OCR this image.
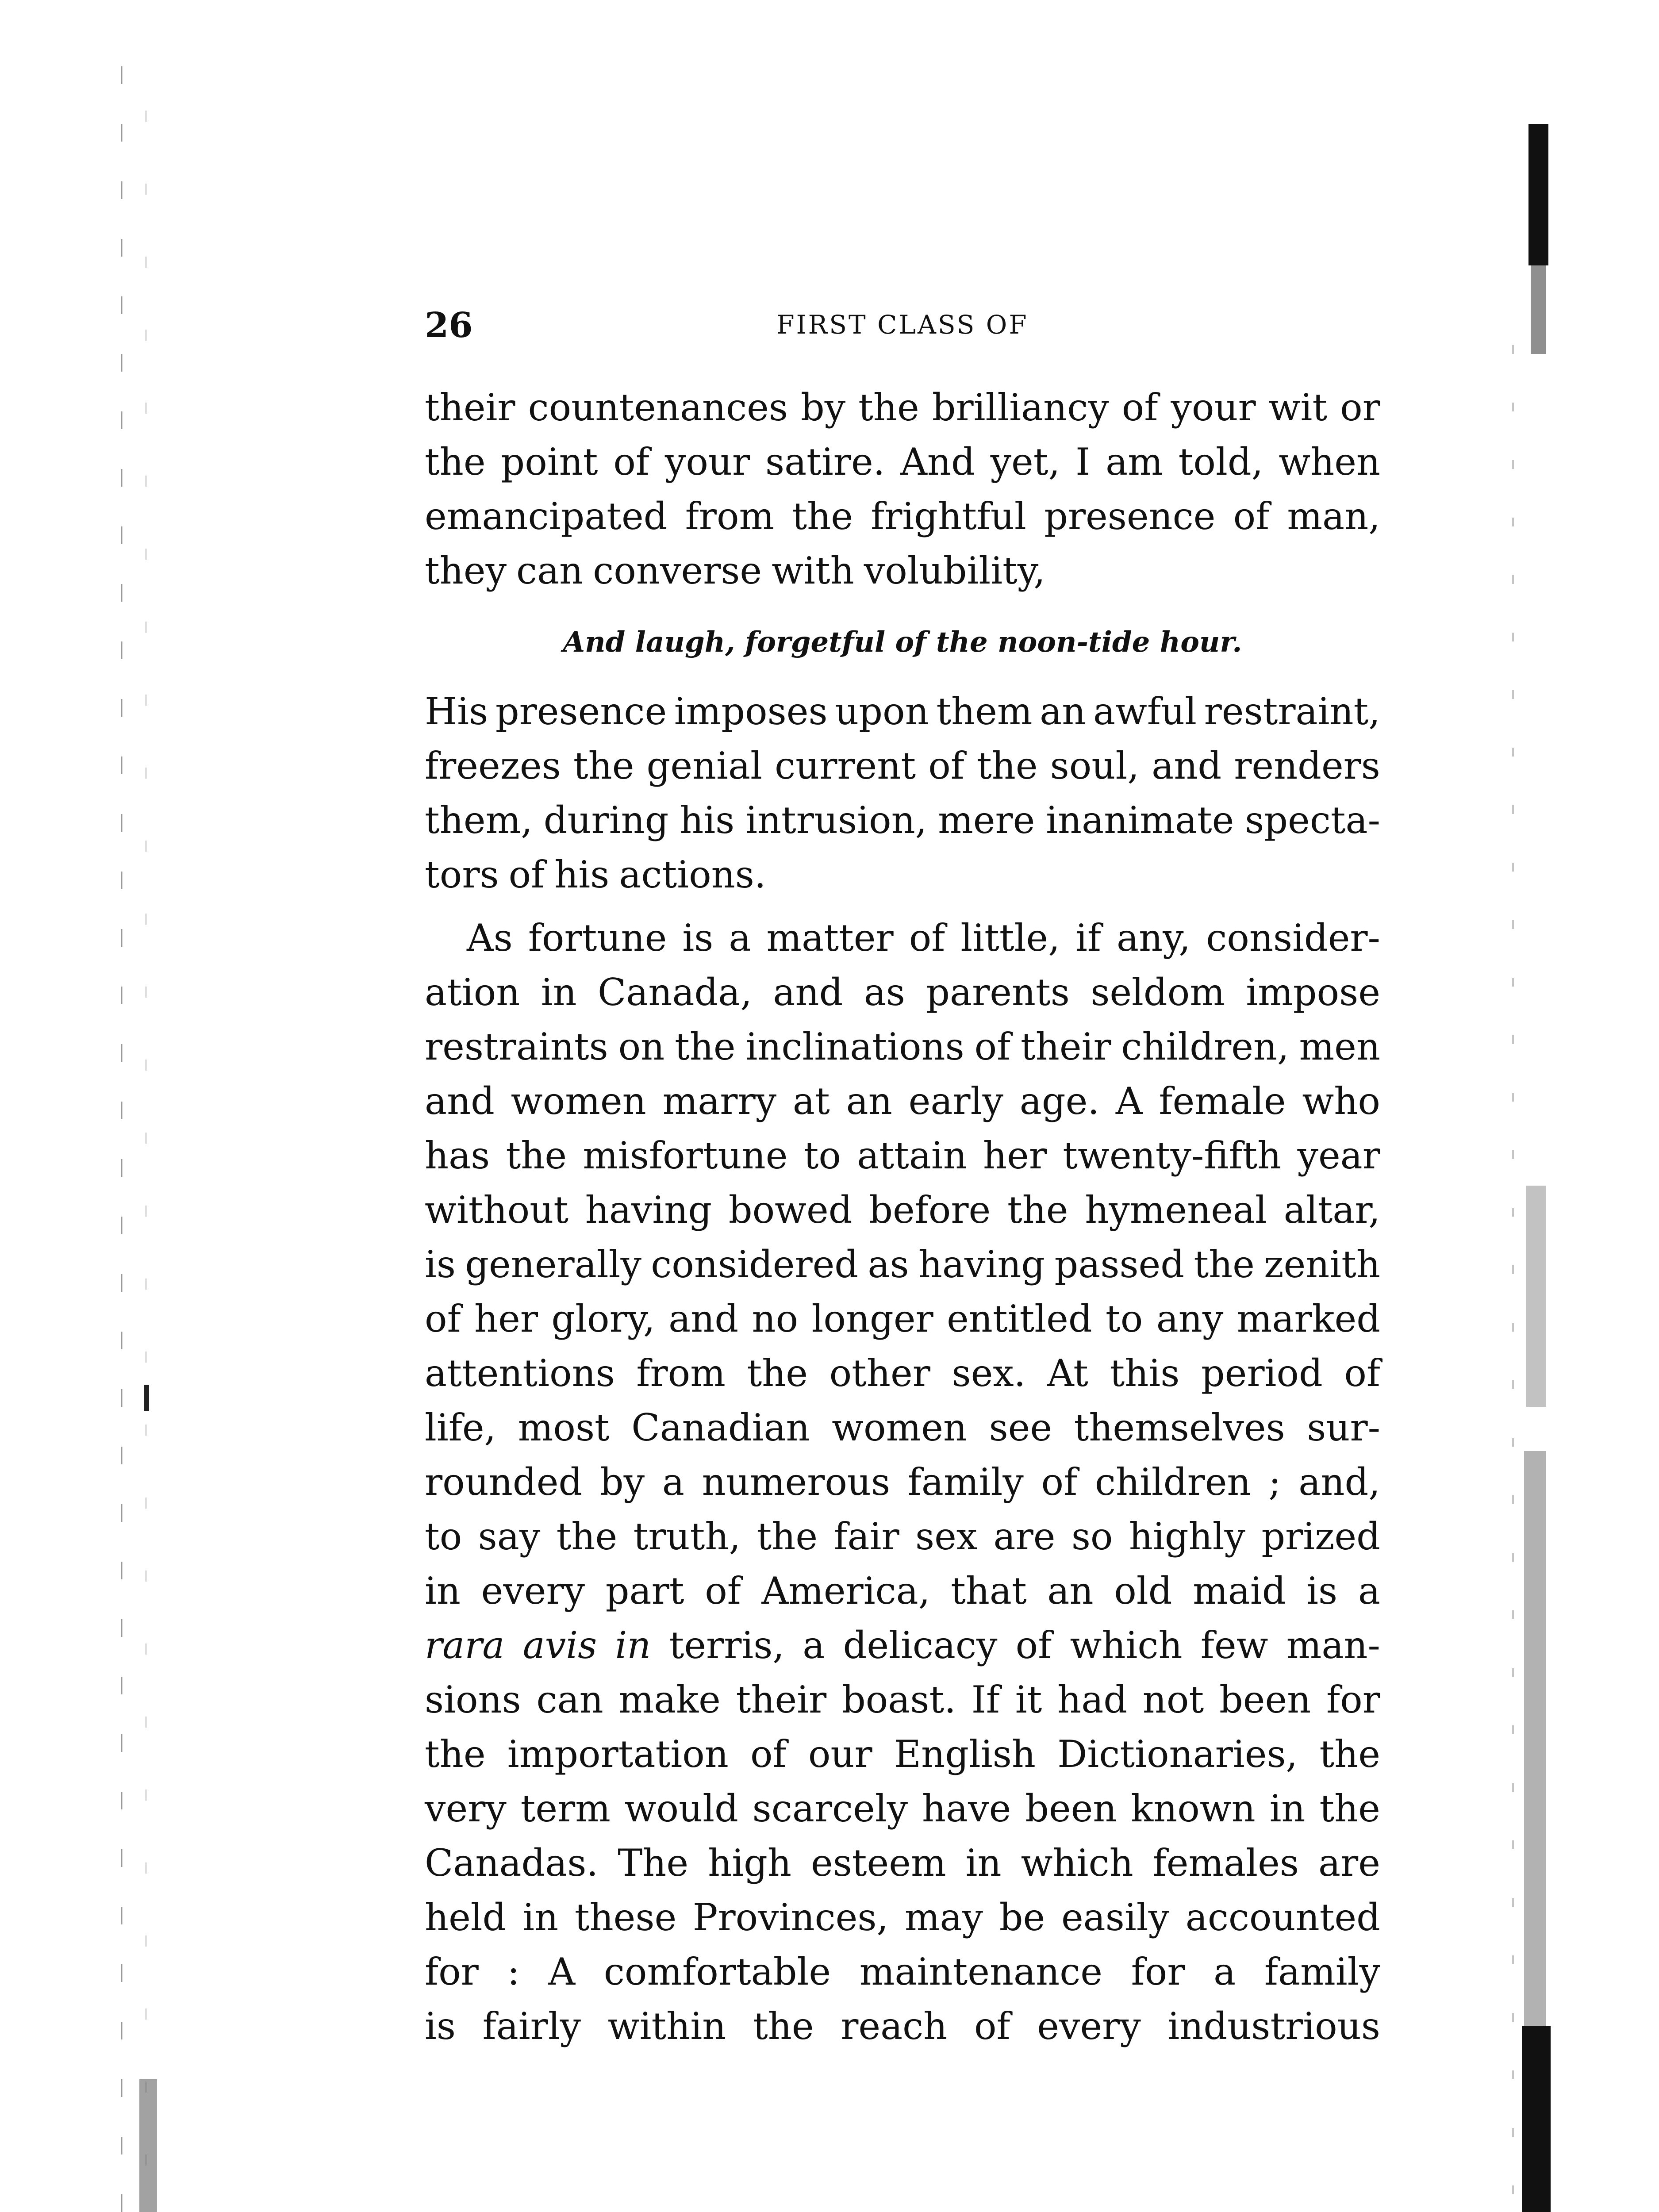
26	FIRST CLASS OF
their countenances by the brilliancy of your wit or
the point of your satire. And yet, I am told, when
emancipated from the frightful presence of man,
they can converse with volubility,
And laugh, forgetful of the noon-tide hour.
His presence imposes upon them an awful restraint,
freezes the genial current of the soul, and renders
them, during his intrusion, mere inanimate specta-
tors of his actions.
As fortune is a matter of little, if any, consider-
ation in Canada, and as parents seldom impose
restraints on the inclinations of their children, men
and women marry at an early age. A female who
has the misfortune to attain her twenty-fifth year
without having bowed before the hymeneal altar,
is generally considered as having passed the zenith
of her glory, and no longer entitled to any marked
attentions from the other sex. At this period of
life, most Canadian women see themselves sur-
rounded by a numerous family of children ; and,
to say the truth, the fair sex are so highly prized
in every part of America, that an old maid is a
rara avis in terris, a delicacy of which few man-
sions can make their boast. If it had not been for
the importation of our English Dictionaries, the
very term would scarcely have been known in the
Canadas. The high esteem in which females are
held in these Provinces, may be easily accounted
for : A comfortable maintenance for a family
is fairly within the reach of every industrious
